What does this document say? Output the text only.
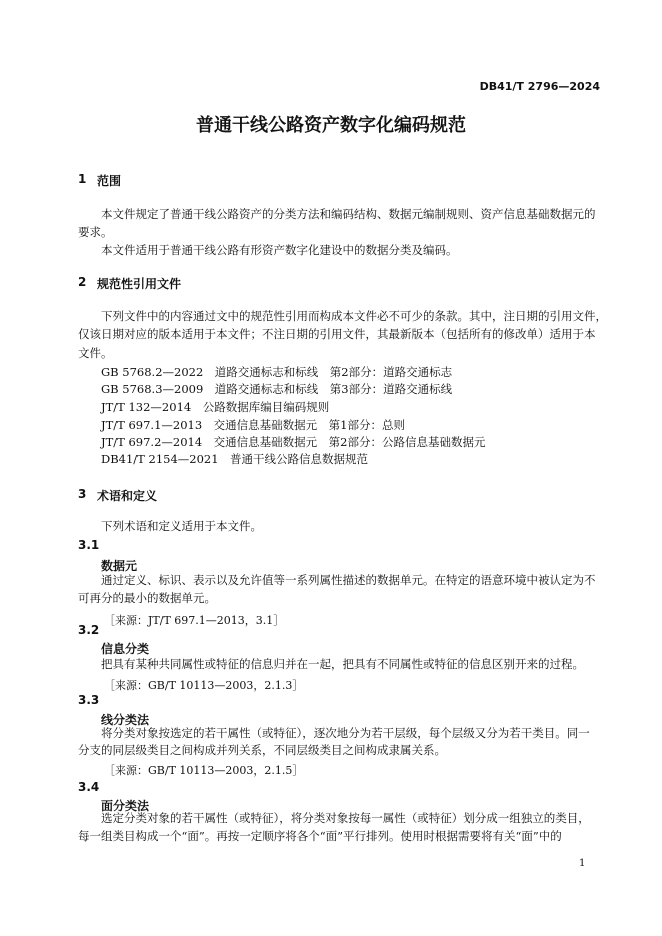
DB41/T 2796—2024
普通干线公路资产数字化编码规范
1 范围
本文件规定了普通干线公路资产的分类方法和编码结构、数据元编制规则、资产信息基础数据元的
要求。
本文件适用于普通干线公路有形资产数字化建设中的数据分类及编码。
2 规范性引用文件
下列文件中的内容通过文中的规范性引用而构成本文件必不可少的条款。其中，注日期的引用文件，
仅该日期对应的版本适用于本文件；不注日期的引用文件，其最新版本（包括所有的修改单）适用于本
文件。
GB 5768.2—2022　道路交通标志和标线　第2部分：道路交通标志
GB 5768.3—2009　道路交通标志和标线　第3部分：道路交通标线
JT/T 132—2014　公路数据库编目编码规则
JT/T 697.1—2013　交通信息基础数据元　第1部分：总则
JT/T 697.2—2014　交通信息基础数据元　第2部分：公路信息基础数据元
DB41/T 2154—2021　普通干线公路信息数据规范
3 术语和定义
下列术语和定义适用于本文件。
3.1
数据元
通过定义、标识、表示以及允许值等一系列属性描述的数据单元。在特定的语意环境中被认定为不
可再分的最小的数据单元。
［来源：JT/T 697.1—2013，3.1］
3.2
信息分类
把具有某种共同属性或特征的信息归并在一起，把具有不同属性或特征的信息区别开来的过程。
［来源：GB/T 10113—2003，2.1.3］
3.3
线分类法
将分类对象按选定的若干属性（或特征），逐次地分为若干层级，每个层级又分为若干类目。同一
分支的同层级类目之间构成并列关系，不同层级类目之间构成隶属关系。
［来源：GB/T 10113—2003，2.1.5］
3.4
面分类法
选定分类对象的若干属性（或特征），将分类对象按每一属性（或特征）划分成一组独立的类目，
每一组类目构成一个“面”。再按一定顺序将各个“面”平行排列。使用时根据需要将有关“面”中的
1
